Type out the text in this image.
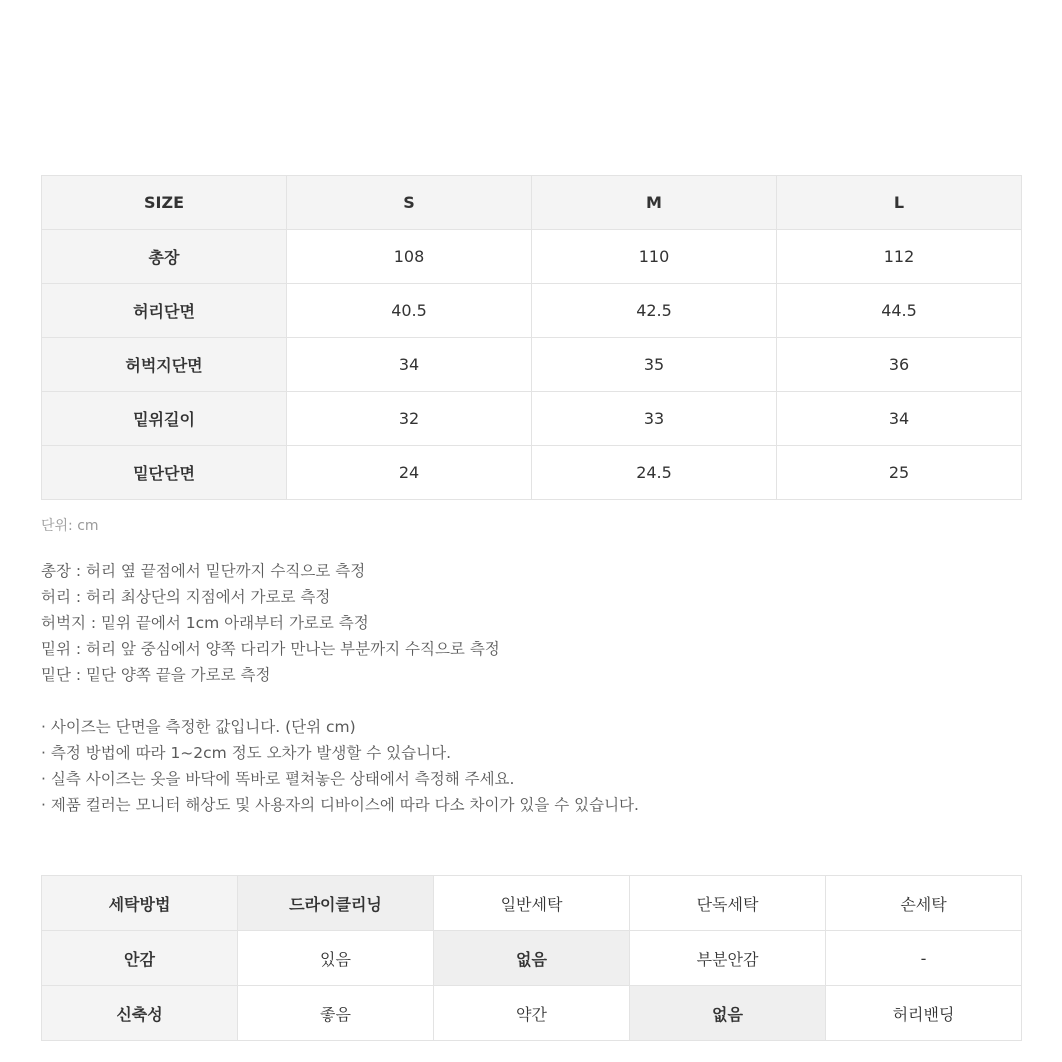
SIZE	S	M	L
총장	108	110	112
허리단면	40.5	42.5	44.5
허벅지단면	34	35	36
밑위길이	32	33	34
밑단단면	24	24.5	25
단위: cm
총장 : 허리 옆 끝점에서 밑단까지 수직으로 측정
허리 : 허리 최상단의 지점에서 가로로 측정
허벅지 : 밑위 끝에서 1cm 아래부터 가로로 측정
밑위 : 허리 앞 중심에서 양쪽 다리가 만나는 부분까지 수직으로 측정
밑단 : 밑단 양쪽 끝을 가로로 측정
· 사이즈는 단면을 측정한 값입니다. (단위 cm)
· 측정 방법에 따라 1~2cm 정도 오차가 발생할 수 있습니다.
· 실측 사이즈는 옷을 바닥에 똑바로 펼쳐놓은 상태에서 측정해 주세요.
· 제품 컬러는 모니터 해상도 및 사용자의 디바이스에 따라 다소 차이가 있을 수 있습니다.
세탁방법	드라이클리닝	일반세탁	단독세탁	손세탁
안감	있음	없음	부분안감	-
신축성	좋음	약간	없음	허리밴딩
